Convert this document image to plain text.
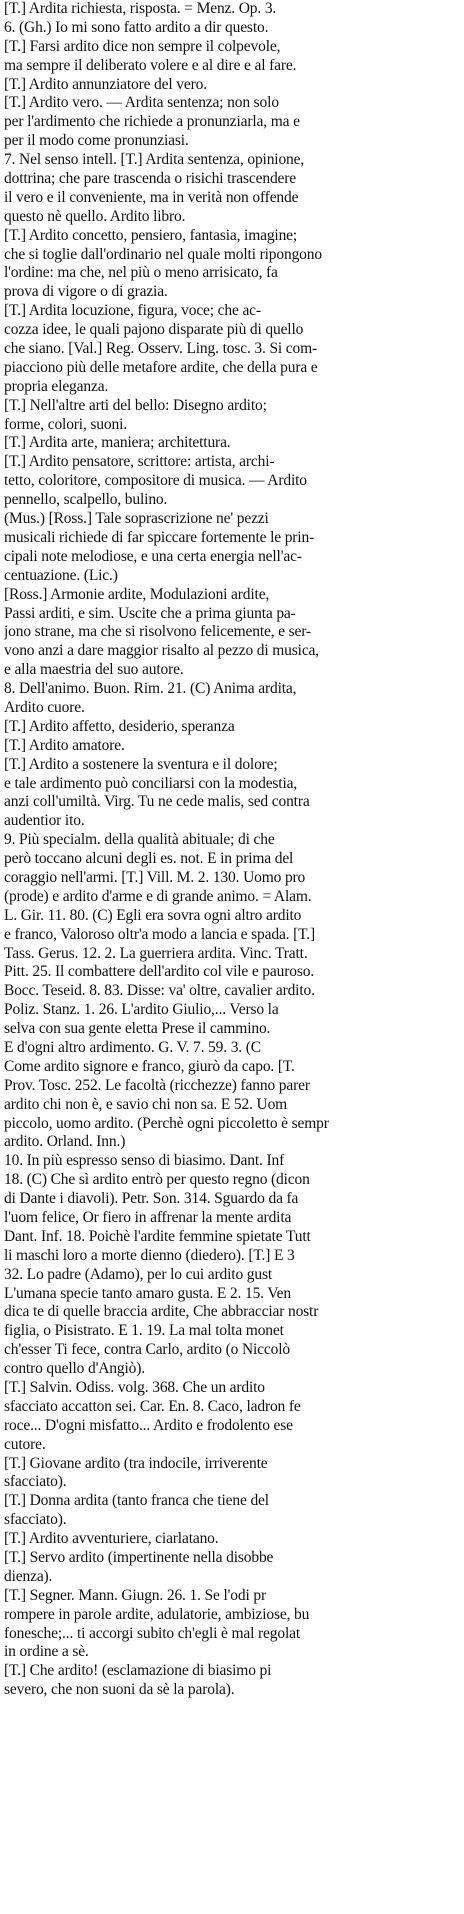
[T.] Ardita richiesta, risposta. = Menz. Op. 3.
6. (Gh.) Io mi sono fatto ardito a dir questo.
[T.] Farsi ardito dice non sempre il colpevole,
ma sempre il deliberato volere e al dire e al fare.
[T.] Ardito annunziatore del vero.
[T.] Ardito vero. — Ardita sentenza; non solo
per l'ardimento che richiede a pronunziarla, ma e
per il modo come pronunziasi.
7. Nel senso intell. [T.] Ardita sentenza, opinione,
dottrina; che pare trascenda o risichi trascendere
il vero e il conveniente, ma in verità non offende
questo nè quello. Ardito libro.
[T.] Ardito concetto, pensiero, fantasia, imagine;
che si toglie dall'ordinario nel quale molti ripongono
l'ordine: ma che, nel più o meno arrisicato, fa
prova di vigore o di grazia.
[T.] Ardita locuzione, figura, voce; che ac-
cozza idee, le quali pajono disparate più di quello
che siano. [Val.] Reg. Osserv. Ling. tosc. 3. Si com-
piacciono più delle metafore ardite, che della pura e
propria eleganza.
[T.] Nell'altre arti del bello: Disegno ardito;
forme, colori, suoni.
[T.] Ardita arte, maniera; architettura.
[T.] Ardito pensatore, scrittore: artista, archi-
tetto, coloritore, compositore di musica. — Ardito
pennello, scalpello, bulino.
(Mus.) [Ross.] Tale soprascrizione ne' pezzi
musicali richiede di far spiccare fortemente le prin-
cipali note melodiose, e una certa energia nell'ac-
centuazione. (Lic.)
[Ross.] Armonie ardite, Modulazioni ardite,
Passi arditi, e sim. Uscite che a prima giunta pa-
jono strane, ma che si risolvono felicemente, e ser-
vono anzi a dare maggior risalto al pezzo di musica,
e alla maestria del suo autore.
8. Dell'animo. Buon. Rim. 21. (C) Anima ardita,
Ardito cuore.
[T.] Ardito affetto, desiderio, speranza
[T.] Ardito amatore.
[T.] Ardito a sostenere la sventura e il dolore;
e tale ardimento può conciliarsi con la modestia,
anzi coll'umiltà. Virg. Tu ne cede malis, sed contra
audentior ito.
9. Più specialm. della qualità abituale; di che
però toccano alcuni degli es. not. E in prima del
coraggio nell'armi. [T.] Vill. M. 2. 130. Uomo pro
(prode) e ardito d'arme e di grande animo. = Alam.
L. Gir. 11. 80. (C) Egli era sovra ogni altro ardito
e franco, Valoroso oltr'a modo a lancia e spada. [T.]
Tass. Gerus. 12. 2. La guerriera ardita. Vinc. Tratt.
Pitt. 25. Il combattere dell'ardito col vile e pauroso.
Bocc. Teseid. 8. 83. Disse: va' oltre, cavalier ardito.
Poliz. Stanz. 1. 26. L'ardito Giulio,... Verso la
selva con sua gente eletta Prese il cammino.
E d'ogni altro ardimento. G. V. 7. 59. 3. (C
Come ardito signore e franco, giurò da capo. [T.
Prov. Tosc. 252. Le facoltà (ricchezze) fanno parer
ardito chi non è, e savio chi non sa. E 52. Uom
piccolo, uomo ardito. (Perchè ogni piccoletto è sempr
ardito. Orland. Inn.)
10. In più espresso senso di biasimo. Dant. Inf
18. (C) Che sì ardito entrò per questo regno (dicon
di Dante i diavoli). Petr. Son. 314. Sguardo da fa
l'uom felice, Or fiero in affrenar la mente ardita
Dant. Inf. 18. Poichè l'ardite femmine spietate Tutt
li maschi loro a morte dienno (diedero). [T.] E 3
32. Lo padre (Adamo), per lo cui ardito gust
L'umana specie tanto amaro gusta. E 2. 15. Ven
dica te di quelle braccia ardite, Che abbracciar nostr
figlia, o Pisistrato. E 1. 19. La mal tolta monet
ch'esser Ti fece, contra Carlo, ardito (o Niccolò
contro quello d'Angiò).
[T.] Salvin. Odiss. volg. 368. Che un ardito
sfacciato accatton sei. Car. En. 8. Caco, ladron fe
roce... D'ogni misfatto... Ardito e frodolento ese
cutore.
[T.] Giovane ardito (tra indocile, irriverente
sfacciato).
[T.] Donna ardita (tanto franca che tiene del
sfacciato).
[T.] Ardito avventuriere, ciarlatano.
[T.] Servo ardito (impertinente nella disobbe
dienza).
[T.] Segner. Mann. Giugn. 26. 1. Se l'odi pr
rompere in parole ardite, adulatorie, ambiziose, bu
fonesche;... ti accorgi subito ch'egli è mal regolat
in ordine a sè.
[T.] Che ardito! (esclamazione di biasimo pi
severo, che non suoni da sè la parola).
